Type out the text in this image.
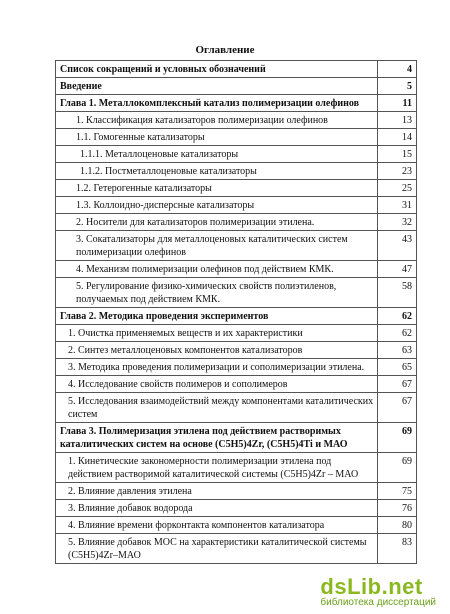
Оглавление
Список сокращений и условных обозначений	4
Введение	5
Глава 1. Металлокомплексный катализ полимеризации олефинов	11
1. Классификация катализаторов полимеризации олефинов	13
1.1. Гомогенные катализаторы	14
1.1.1. Металлоценовые катализаторы	15
1.1.2. Постметаллоценовые катализаторы	23
1.2. Гетерогенные катализаторы	25
1.3. Коллоидно-дисперсные катализаторы	31
2. Носители для катализаторов полимеризации этилена.	32
3. Сокатализаторы для металлоценовых каталитических систем полимеризации олефинов	43
4. Механизм полимеризации олефинов под действием КМК.	47
5. Регулирование физико-химических свойств полиэтиленов, получаемых под действием КМК.	58
Глава 2. Методика проведения экспериментов	62
1. Очистка применяемых веществ и их характеристики	62
2. Синтез металлоценовых компонентов катализаторов	63
3. Методика проведения полимеризации и сополимеризации этилена.	65
4. Исследование свойств полимеров и сополимеров	67
5. Исследования взаимодействий между компонентами каталитических систем	67
Глава 3. Полимеризация этилена под действием растворимых каталитических систем на основе (C5H5)4Zr, (C5H5)4Ti и МАО	69
1. Кинетические закономерности полимеризации этилена под действием растворимой каталитической системы (C5H5)4Zr – МАО	69
2. Влияние давления этилена	75
3. Влияние добавок водорода	76
4. Влияние времени форконтакта компонентов катализатора	80
5. Влияние добавок МОС на характеристики каталитической системы (C5H5)4Zr–МАО	83
dsLib.net
библиотека диссертаций
